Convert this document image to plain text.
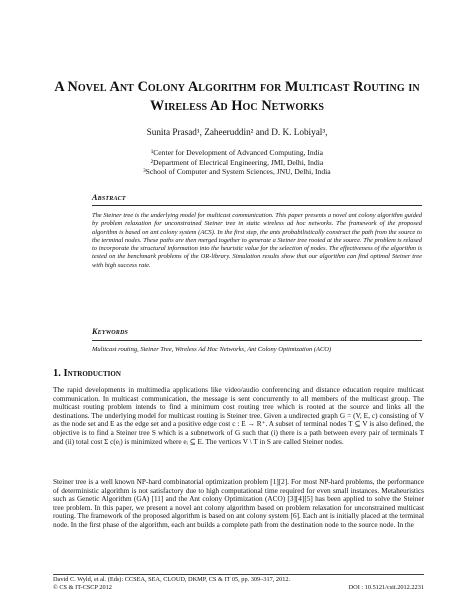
A Novel Ant Colony Algorithm for Multicast Routing in Wireless Ad Hoc Networks
Sunita Prasad¹, Zaheeruddin² and D. K. Lobiyal³,
¹Center for Development of Advanced Computing, India
²Department of Electrical Engineering, JMI, Delhi, India
³School of Computer and System Sciences, JNU, Delhi, India
Abstract
The Steiner tree is the underlying model for multicast communication. This paper presents a novel ant colony algorithm guided by problem relaxation for unconstrained Steiner tree in static wireless ad hoc networks. The framework of the proposed algorithm is based on ant colony system (ACS). In the first step, the ants probabilistically construct the path from the source to the terminal nodes. These paths are then merged together to generate a Steiner tree rooted at the source. The problem is relased to incorporate the structural information into the heuristic value for the selection of nodes. The effectiveness of the algorithm is tested on the benchmark problems of the OR-library. Simulation results show that our algorithm can find optimal Steiner tree with high success rate.
Keywords
Multicast routing, Steiner Tree, Wireless Ad Hoc Networks, Ant Colony Optimization (ACO)
1. Introduction
The rapid developments in multimedia applications like video/audio conferencing and distance education require multicast communication. In multicast communication, the message is sent concurrently to all members of the multicast group. The multicast routing problem intends to find a minimum cost routing tree which is rooted at the source and links all the destinations. The underlying model for multicast routing is Steiner tree. Given a undirected graph G = (V, E, c) consisting of V as the node set and E as the edge set and a positive edge cost c : E → R⁺. A subset of terminal nodes T ⊆ V is also defined, the objective is to find a Steiner tree S which is a subnetwork of G such that (i) there is a path between every pair of terminals T and (ii) total cost Σ c(eᵢ) is minimized where eᵢ ⊆ E. The vertices V \ T in S are called Steiner nodes.
Steiner tree is a well known NP-hard combinatorial optimization problem [1][2]. For most NP-hard problems, the performance of deterministic algorithm is not satisfactory due to high computational time required for even small instances. Metaheuristics such as Genetic Algorithm (GA) [11] and the Ant colony Optimization (ACO) [3][4][5] has been applied to solve the Steiner tree problem. In this paper, we present a novel ant colony algorithm based on problem relaxation for unconstrained multicast routing. The framework of the proposed algorithm is based on ant colony system [6]. Each ant is initially placed at the terminal node. In the first phase of the algorithm, each ant builds a complete path from the destination node to the source node. In the
David C. Wyld, et al. (Eds): CCSEA, SEA, CLOUD, DKMP, CS & IT 05, pp. 309–317, 2012.
© CS & IT-CSCP 2012	DOI : 10.5121/csit.2012.2231
